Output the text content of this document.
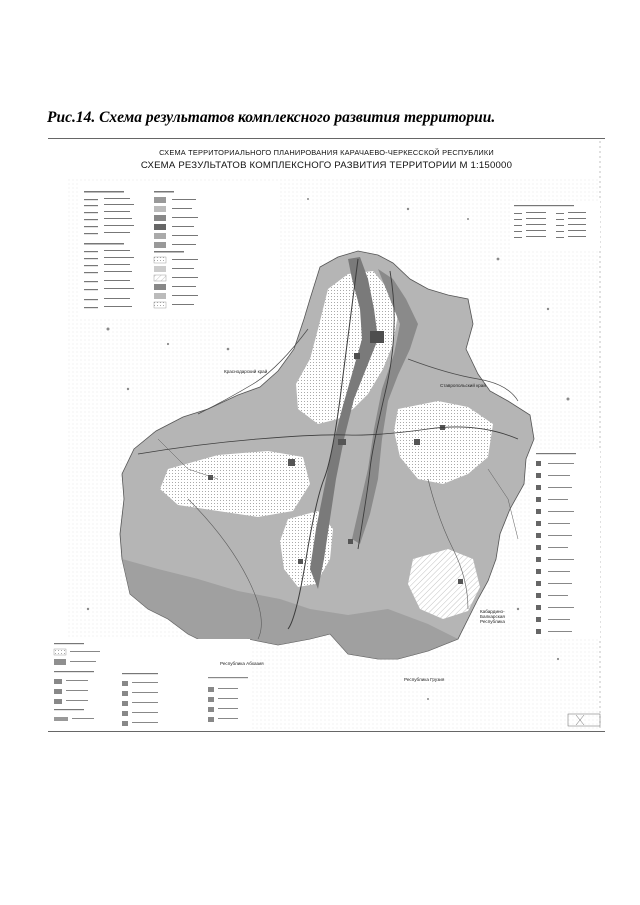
Рис.14. Схема результатов комплексного развития территории.
СХЕМА ТЕРРИТОРИАЛЬНОГО ПЛАНИРОВАНИЯ КАРАЧАЕВО-ЧЕРКЕССКОЙ РЕСПУБЛИКИ
СХЕМА РЕЗУЛЬТАТОВ КОМПЛЕКСНОГО РАЗВИТИЯ ТЕРРИТОРИИ М 1:150000
Краснодарский край
Ставропольский край
Кабардино-Балкарская Республика
Республика Абхазия
Республика Грузия
